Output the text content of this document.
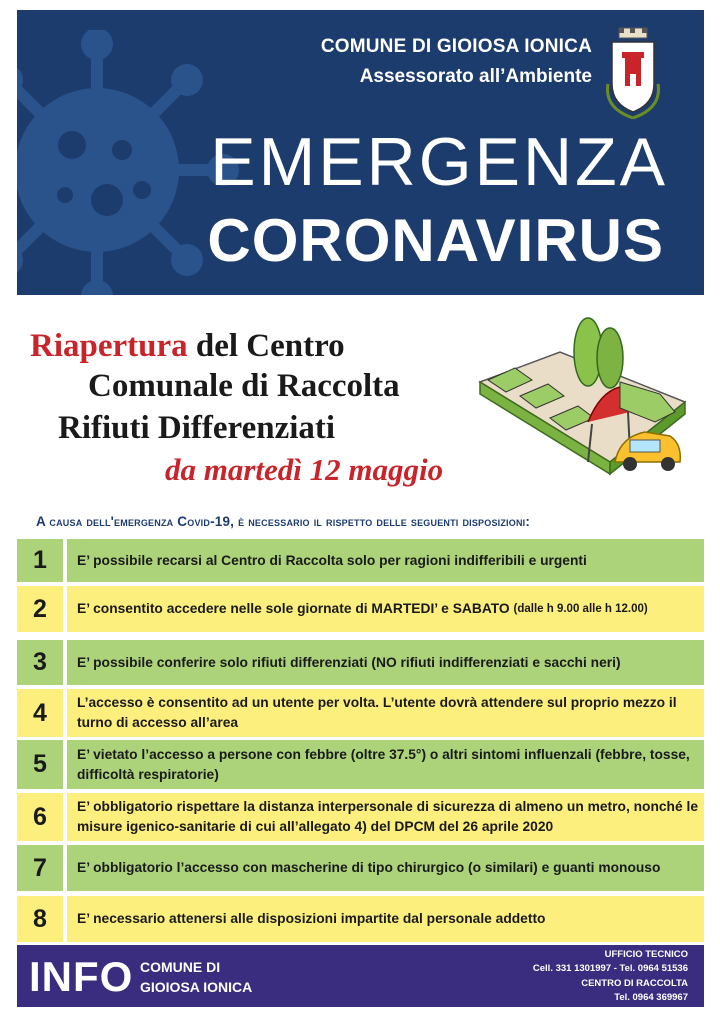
COMUNE DI GIOIOSA IONICA
Assessorato all’Ambiente
EMERGENZA
CORONAVIRUS
Riapertura del Centro
Comunale di Raccolta
Rifiuti Differenziati
da martedì 12 maggio
A causa dell'emergenza Covid-19, è necessario il rispetto delle seguenti disposizioni:
1	E’ possibile recarsi al Centro di Raccolta solo per ragioni indifferibili e urgenti
2	E’ consentito accedere nelle sole giornate di MARTEDI’ e SABATO
(dalle h 9.00 alle h 12.00)
3	E’ possibile conferire solo rifiuti differenziati (NO rifiuti indifferenziati e sacchi neri)
4	L’accesso è consentito ad un utente per volta. L’utente dovrà attendere sul proprio mezzo il turno di accesso all’area
5	E’ vietato l’accesso a persone con febbre (oltre 37.5°) o altri sintomi influenzali (febbre, tosse, difficoltà respiratorie)
6	E’ obbligatorio rispettare la distanza interpersonale di sicurezza di almeno un metro, nonché le misure igenico-sanitarie di cui all’allegato 4) del DPCM del 26 aprile 2020
7	E’ obbligatorio l’accesso con mascherine di tipo chirurgico (o similari) e guanti monouso
8	E’ necessario attenersi alle disposizioni impartite dal personale addetto
INFO COMUNE DI
GIOIOSA IONICA
UFFICIO TECNICO
Cell. 331 1301997 - Tel. 0964 51536
CENTRO DI RACCOLTA
Tel. 0964 369967
